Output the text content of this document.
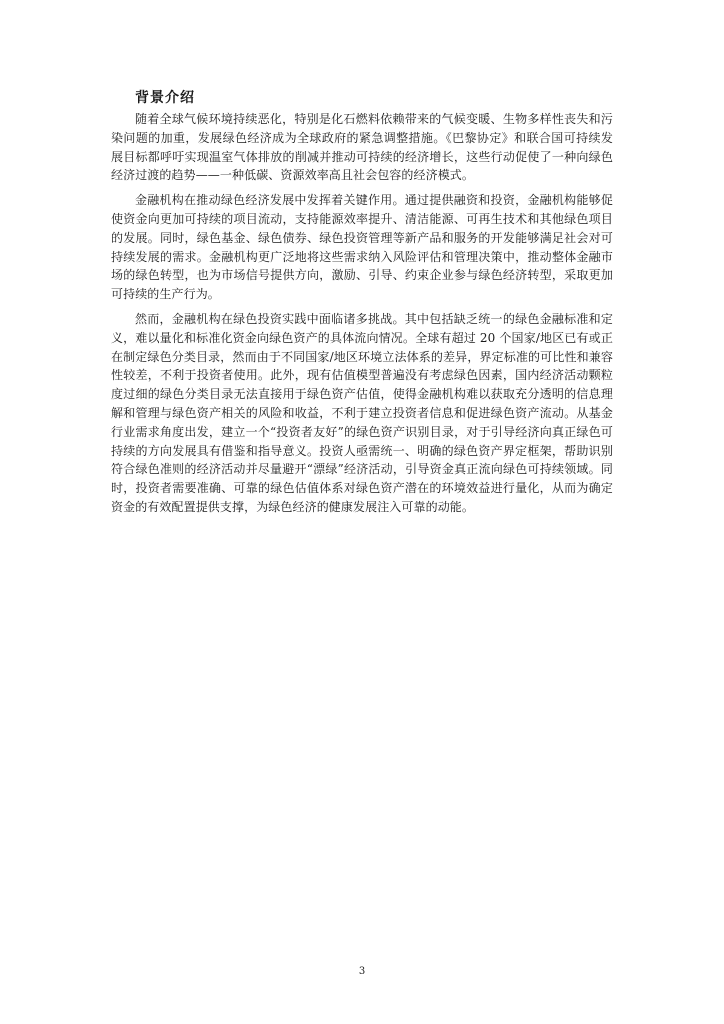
背景介绍

随着全球气候环境持续恶化，特别是化石燃料依赖带来的气候变暖、生物多样性丧失和污染问题的加重，发展绿色经济成为全球政府的紧急调整措施。《巴黎协定》和联合国可持续发展目标都呼吁实现温室气体排放的削减并推动可持续的经济增长，这些行动促使了一种向绿色经济过渡的趋势——一种低碳、资源效率高且社会包容的经济模式。

金融机构在推动绿色经济发展中发挥着关键作用。通过提供融资和投资，金融机构能够促使资金向更加可持续的项目流动，支持能源效率提升、清洁能源、可再生技术和其他绿色项目的发展。同时，绿色基金、绿色债券、绿色投资管理等新产品和服务的开发能够满足社会对可持续发展的需求。金融机构更广泛地将这些需求纳入风险评估和管理决策中，推动整体金融市场的绿色转型，也为市场信号提供方向，激励、引导、约束企业参与绿色经济转型，采取更加可持续的生产行为。

然而，金融机构在绿色投资实践中面临诸多挑战。其中包括缺乏统一的绿色金融标准和定义，难以量化和标准化资金向绿色资产的具体流向情况。全球有超过 20 个国家/地区已有或正在制定绿色分类目录，然而由于不同国家/地区环境立法体系的差异，界定标准的可比性和兼容性较差，不利于投资者使用。此外，现有估值模型普遍没有考虑绿色因素，国内经济活动颗粒度过细的绿色分类目录无法直接用于绿色资产估值，使得金融机构难以获取充分透明的信息理解和管理与绿色资产相关的风险和收益，不利于建立投资者信息和促进绿色资产流动。从基金行业需求角度出发，建立一个“投资者友好”的绿色资产识别目录，对于引导经济向真正绿色可持续的方向发展具有借鉴和指导意义。投资人亟需统一、明确的绿色资产界定框架，帮助识别符合绿色准则的经济活动并尽量避开“漂绿”经济活动，引导资金真正流向绿色可持续领域。同时，投资者需要准确、可靠的绿色估值体系对绿色资产潜在的环境效益进行量化，从而为确定资金的有效配置提供支撑，为绿色经济的健康发展注入可靠的动能。

3
